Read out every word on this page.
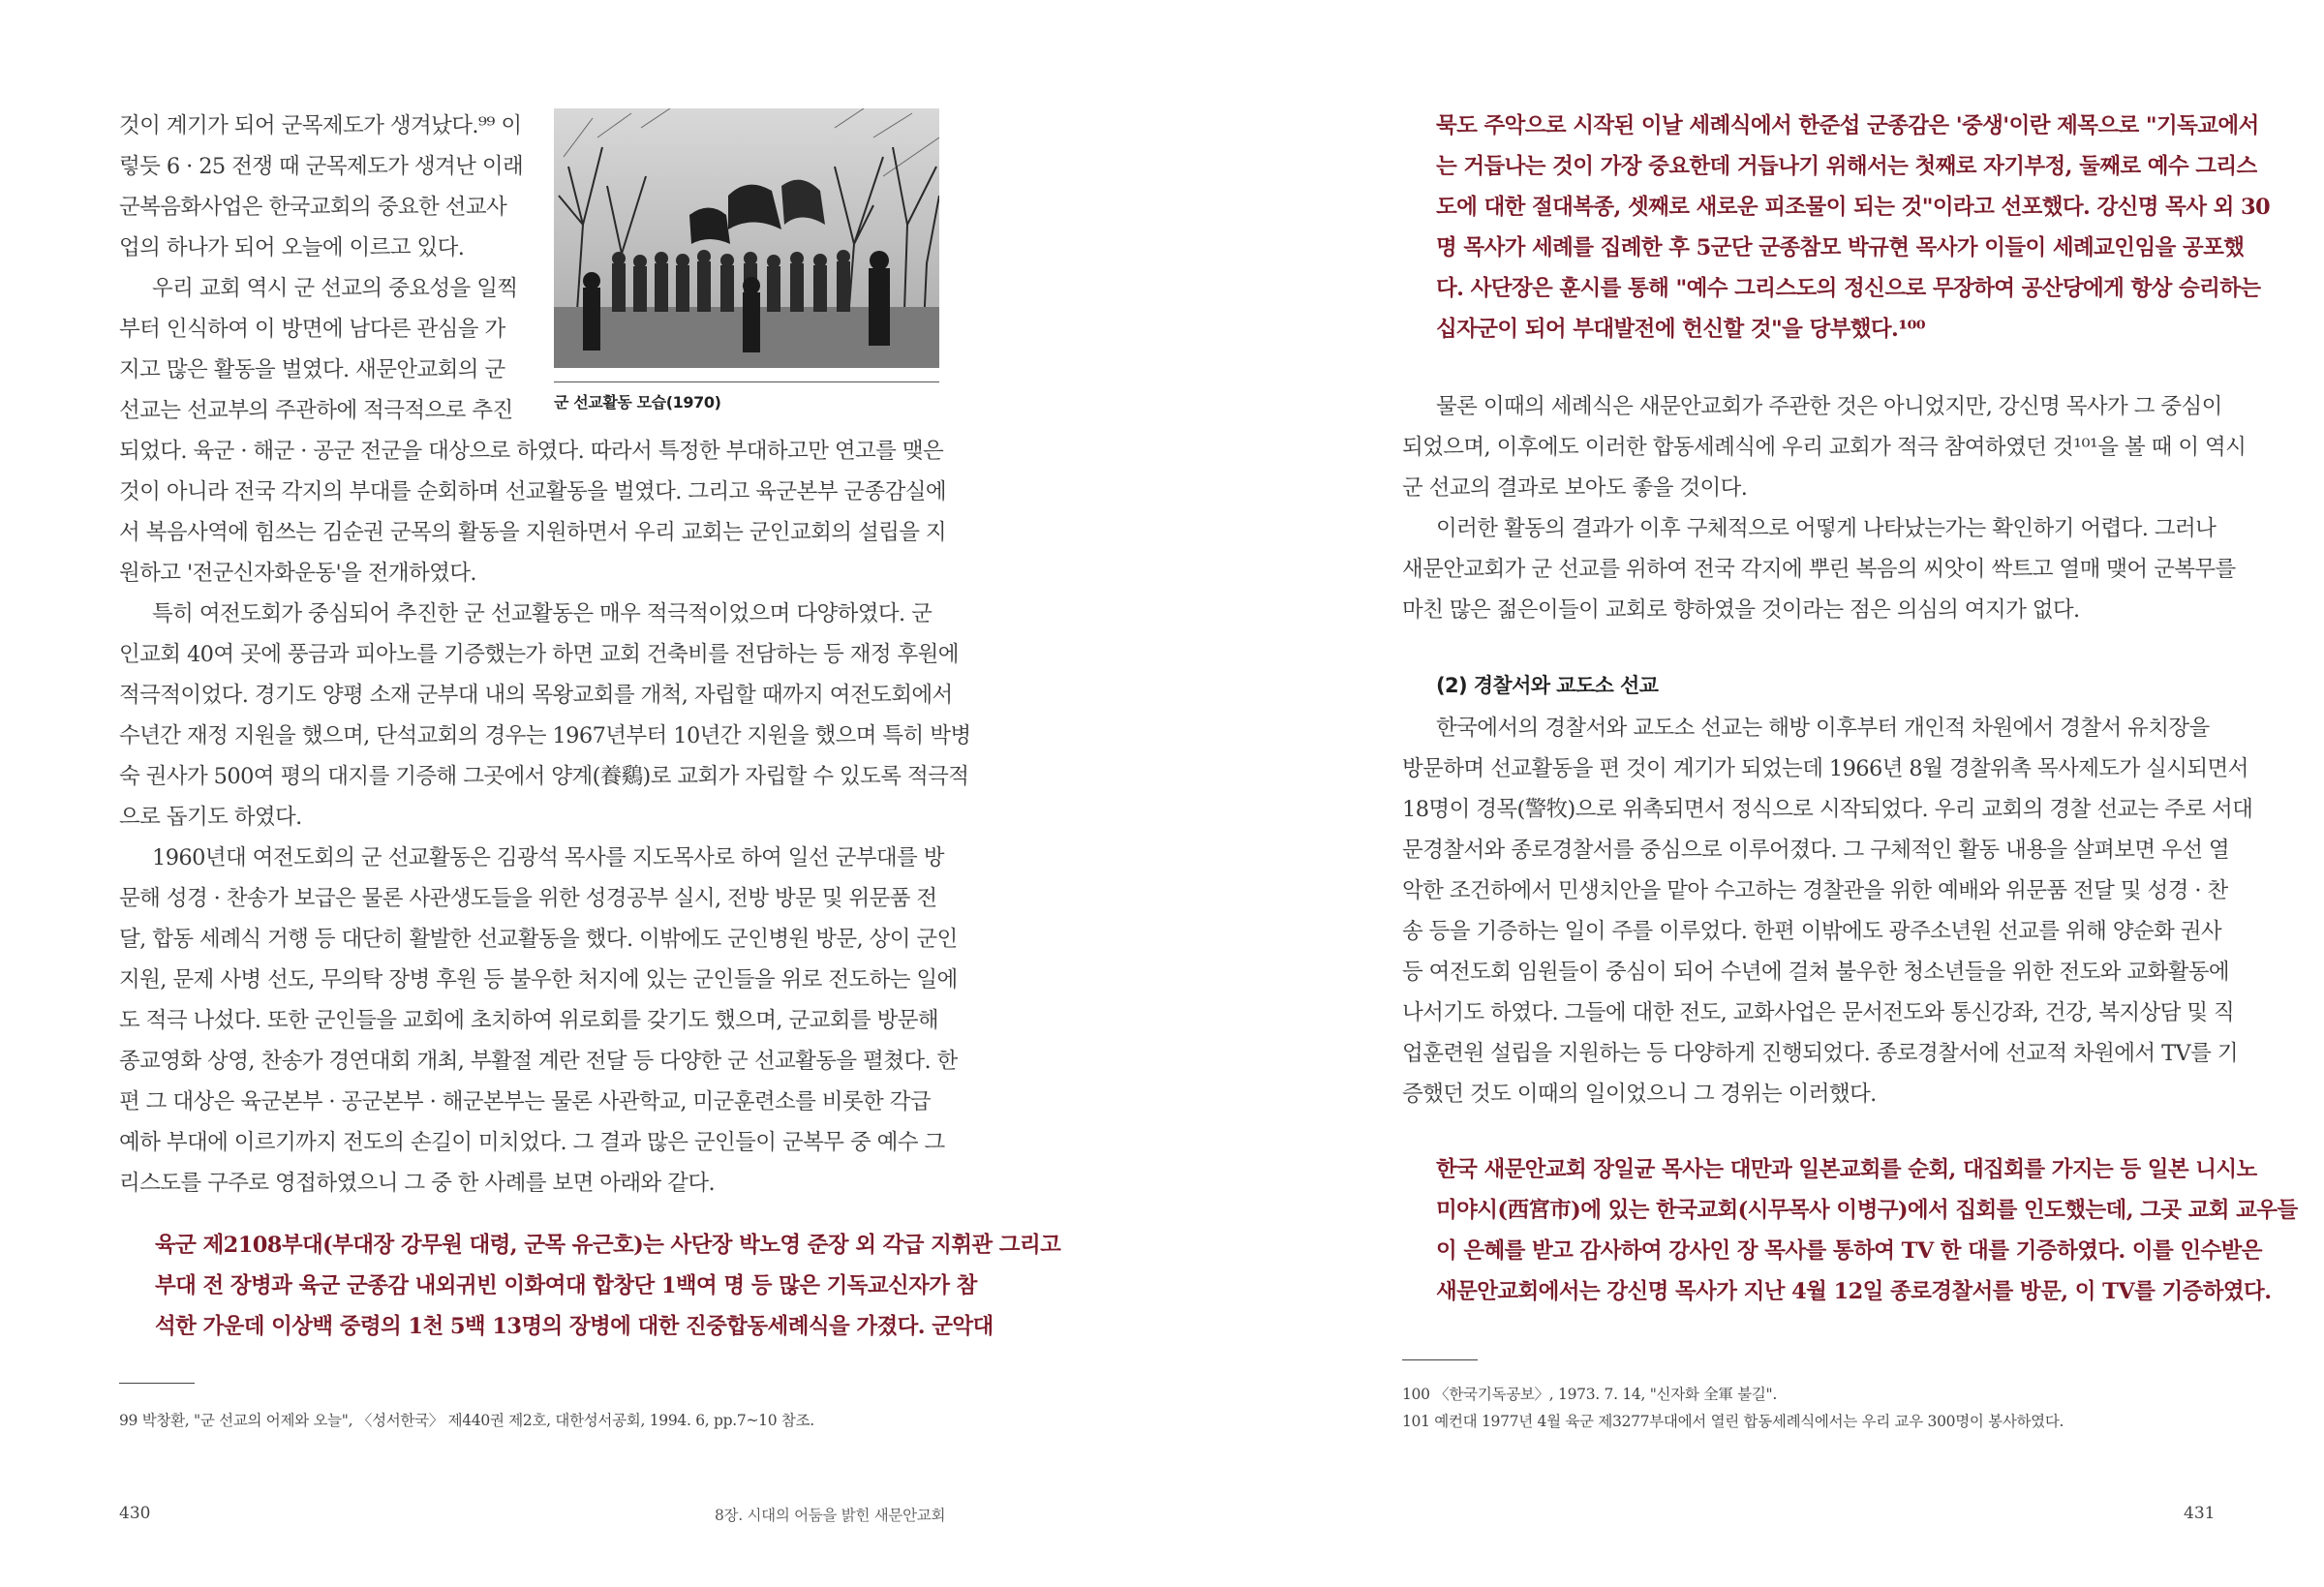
것이 계기가 되어 군목제도가 생겨났다.⁹⁹ 이
렇듯 6 · 25 전쟁 때 군목제도가 생겨난 이래
군복음화사업은 한국교회의 중요한 선교사
업의 하나가 되어 오늘에 이르고 있다.
우리 교회 역시 군 선교의 중요성을 일찍
부터 인식하여 이 방면에 남다른 관심을 가
지고 많은 활동을 벌였다. 새문안교회의 군
선교는 선교부의 주관하에 적극적으로 추진	군 선교활동 모습(1970)
되었다. 육군 · 해군 · 공군 전군을 대상으로 하였다. 따라서 특정한 부대하고만 연고를 맺은
것이 아니라 전국 각지의 부대를 순회하며 선교활동을 벌였다. 그리고 육군본부 군종감실에
서 복음사역에 힘쓰는 김순권 군목의 활동을 지원하면서 우리 교회는 군인교회의 설립을 지
원하고 '전군신자화운동'을 전개하였다.
특히 여전도회가 중심되어 추진한 군 선교활동은 매우 적극적이었으며 다양하였다. 군
인교회 40여 곳에 풍금과 피아노를 기증했는가 하면 교회 건축비를 전담하는 등 재정 후원에
적극적이었다. 경기도 양평 소재 군부대 내의 목왕교회를 개척, 자립할 때까지 여전도회에서
수년간 재정 지원을 했으며, 단석교회의 경우는 1967년부터 10년간 지원을 했으며 특히 박병
숙 권사가 500여 평의 대지를 기증해 그곳에서 양계(養鷄)로 교회가 자립할 수 있도록 적극적
으로 돕기도 하였다.
1960년대 여전도회의 군 선교활동은 김광석 목사를 지도목사로 하여 일선 군부대를 방
문해 성경 · 찬송가 보급은 물론 사관생도들을 위한 성경공부 실시, 전방 방문 및 위문품 전
달, 합동 세례식 거행 등 대단히 활발한 선교활동을 했다. 이밖에도 군인병원 방문, 상이 군인
지원, 문제 사병 선도, 무의탁 장병 후원 등 불우한 처지에 있는 군인들을 위로 전도하는 일에
도 적극 나섰다. 또한 군인들을 교회에 초치하여 위로회를 갖기도 했으며, 군교회를 방문해
종교영화 상영, 찬송가 경연대회 개최, 부활절 계란 전달 등 다양한 군 선교활동을 펼쳤다. 한
편 그 대상은 육군본부 · 공군본부 · 해군본부는 물론 사관학교, 미군훈련소를 비롯한 각급
예하 부대에 이르기까지 전도의 손길이 미치었다. 그 결과 많은 군인들이 군복무 중 예수 그
리스도를 구주로 영접하였으니 그 중 한 사례를 보면 아래와 같다.
육군 제2108부대(부대장 강무원 대령, 군목 유근호)는 사단장 박노영 준장 외 각급 지휘관 그리고
부대 전 장병과 육군 군종감 내외귀빈 이화여대 합창단 1백여 명 등 많은 기독교신자가 참
석한 가운데 이상백 중령의 1천 5백 13명의 장병에 대한 진중합동세례식을 가졌다. 군악대
99 박창환, "군 선교의 어제와 오늘", 〈성서한국〉 제440권 제2호, 대한성서공회, 1994. 6, pp.7~10 참조.
430	8장. 시대의 어둠을 밝힌 새문안교회
묵도 주악으로 시작된 이날 세례식에서 한준섭 군종감은 '중생'이란 제목으로 "기독교에서
는 거듭나는 것이 가장 중요한데 거듭나기 위해서는 첫째로 자기부정, 둘째로 예수 그리스
도에 대한 절대복종, 셋째로 새로운 피조물이 되는 것"이라고 선포했다. 강신명 목사 외 30
명 목사가 세례를 집례한 후 5군단 군종참모 박규현 목사가 이들이 세례교인임을 공포했
다. 사단장은 훈시를 통해 "예수 그리스도의 정신으로 무장하여 공산당에게 항상 승리하는
십자군이 되어 부대발전에 헌신할 것"을 당부했다.¹⁰⁰
물론 이때의 세례식은 새문안교회가 주관한 것은 아니었지만, 강신명 목사가 그 중심이
되었으며, 이후에도 이러한 합동세례식에 우리 교회가 적극 참여하였던 것¹⁰¹을 볼 때 이 역시
군 선교의 결과로 보아도 좋을 것이다.
이러한 활동의 결과가 이후 구체적으로 어떻게 나타났는가는 확인하기 어렵다. 그러나
새문안교회가 군 선교를 위하여 전국 각지에 뿌린 복음의 씨앗이 싹트고 열매 맺어 군복무를
마친 많은 젊은이들이 교회로 향하였을 것이라는 점은 의심의 여지가 없다.
(2) 경찰서와 교도소 선교
한국에서의 경찰서와 교도소 선교는 해방 이후부터 개인적 차원에서 경찰서 유치장을
방문하며 선교활동을 편 것이 계기가 되었는데 1966년 8월 경찰위촉 목사제도가 실시되면서
18명이 경목(警牧)으로 위촉되면서 정식으로 시작되었다. 우리 교회의 경찰 선교는 주로 서대
문경찰서와 종로경찰서를 중심으로 이루어졌다. 그 구체적인 활동 내용을 살펴보면 우선 열
악한 조건하에서 민생치안을 맡아 수고하는 경찰관을 위한 예배와 위문품 전달 및 성경 · 찬
송 등을 기증하는 일이 주를 이루었다. 한편 이밖에도 광주소년원 선교를 위해 양순화 권사
등 여전도회 임원들이 중심이 되어 수년에 걸쳐 불우한 청소년들을 위한 전도와 교화활동에
나서기도 하였다. 그들에 대한 전도, 교화사업은 문서전도와 통신강좌, 건강, 복지상담 및 직
업훈련원 설립을 지원하는 등 다양하게 진행되었다. 종로경찰서에 선교적 차원에서 TV를 기
증했던 것도 이때의 일이었으니 그 경위는 이러했다.
한국 새문안교회 장일균 목사는 대만과 일본교회를 순회, 대집회를 가지는 등 일본 니시노
미야시(西宮市)에 있는 한국교회(시무목사 이병구)에서 집회를 인도했는데, 그곳 교회 교우들
이 은혜를 받고 감사하여 강사인 장 목사를 통하여 TV 한 대를 기증하였다. 이를 인수받은
새문안교회에서는 강신명 목사가 지난 4월 12일 종로경찰서를 방문, 이 TV를 기증하였다.
100 〈한국기독공보〉, 1973. 7. 14, "신자화 全軍 불길".
101 예컨대 1977년 4월 육군 제3277부대에서 열린 합동세례식에서는 우리 교우 300명이 봉사하였다.
431
